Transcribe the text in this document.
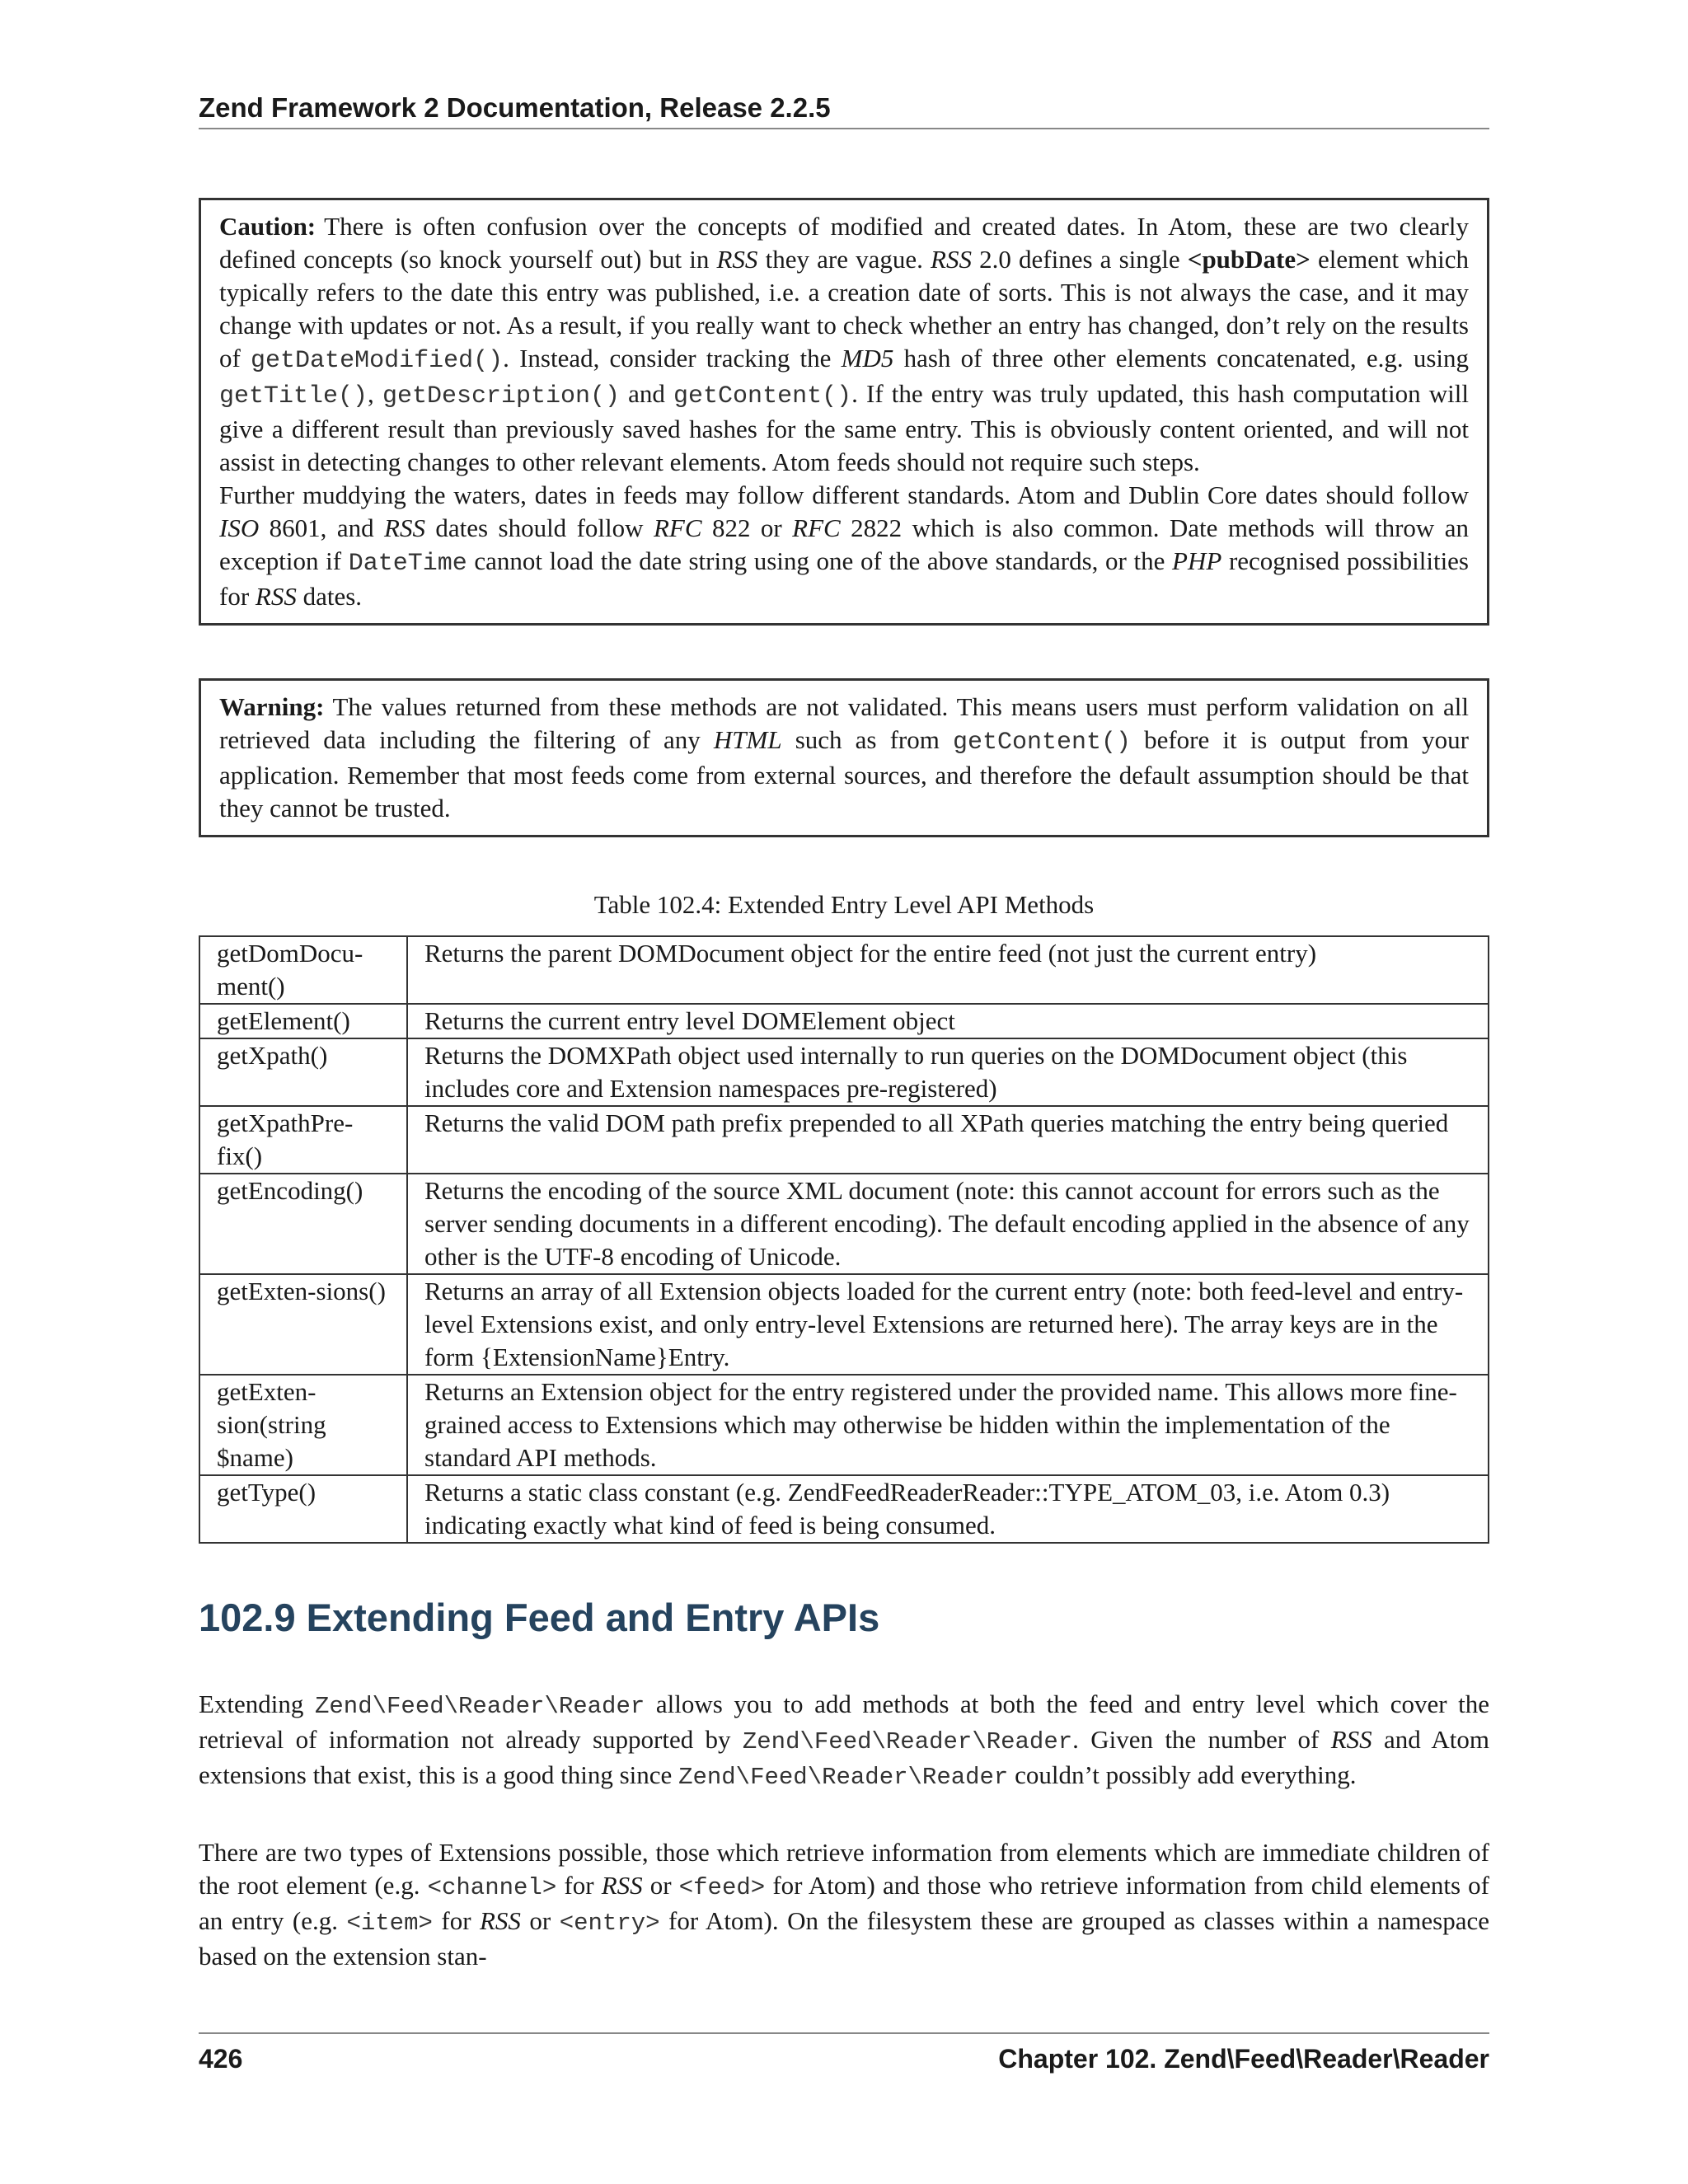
Zend Framework 2 Documentation, Release 2.2.5

Caution: There is often confusion over the concepts of modified and created dates. In Atom, these are two clearly defined concepts (so knock yourself out) but in RSS they are vague. RSS 2.0 defines a single <pubDate> element which typically refers to the date this entry was published, i.e. a creation date of sorts. This is not always the case, and it may change with updates or not. As a result, if you really want to check whether an entry has changed, don’t rely on the results of getDateModified(). Instead, consider tracking the MD5 hash of three other elements concatenated, e.g. using getTitle(), getDescription() and getContent(). If the entry was truly updated, this hash computation will give a different result than previously saved hashes for the same entry. This is obviously content oriented, and will not assist in detecting changes to other relevant elements. Atom feeds should not require such steps.

Further muddying the waters, dates in feeds may follow different standards. Atom and Dublin Core dates should follow ISO 8601, and RSS dates should follow RFC 822 or RFC 2822 which is also common. Date methods will throw an exception if DateTime cannot load the date string using one of the above standards, or the PHP recognised possibilities for RSS dates.

Warning: The values returned from these methods are not validated. This means users must perform validation on all retrieved data including the filtering of any HTML such as from getContent() before it is output from your application. Remember that most feeds come from external sources, and therefore the default assumption should be that they cannot be trusted.

Table 102.4: Extended Entry Level API Methods
getDomDocu-ment()	Returns the parent DOMDocument object for the entire feed (not just the current entry)
getElement()	Returns the current entry level DOMElement object
getXpath()	Returns the DOMXPath object used internally to run queries on the DOMDocument object (this includes core and Extension namespaces pre-registered)
getXpathPre-fix()	Returns the valid DOM path prefix prepended to all XPath queries matching the entry being queried
getEncoding()	Returns the encoding of the source XML document (note: this cannot account for errors such as the server sending documents in a different encoding). The default encoding applied in the absence of any other is the UTF-8 encoding of Unicode.
getExten-sions()	Returns an array of all Extension objects loaded for the current entry (note: both feed-level and entry-level Extensions exist, and only entry-level Extensions are returned here). The array keys are in the form {ExtensionName}Entry.
getExten-sion(string $name)	Returns an Extension object for the entry registered under the provided name. This allows more fine-grained access to Extensions which may otherwise be hidden within the implementation of the standard API methods.
getType()	Returns a static class constant (e.g. ZendFeedReaderReader::TYPE_ATOM_03, i.e. Atom 0.3) indicating exactly what kind of feed is being consumed.
102.9 Extending Feed and Entry APIs

Extending Zend\Feed\Reader\Reader allows you to add methods at both the feed and entry level which cover the retrieval of information not already supported by Zend\Feed\Reader\Reader. Given the number of RSS and Atom extensions that exist, this is a good thing since Zend\Feed\Reader\Reader couldn’t possibly add everything.

There are two types of Extensions possible, those which retrieve information from elements which are immediate children of the root element (e.g. <channel> for RSS or <feed> for Atom) and those who retrieve information from child elements of an entry (e.g. <item> for RSS or <entry> for Atom). On the filesystem these are grouped as classes within a namespace based on the extension stan-

426	Chapter 102. Zend\Feed\Reader\Reader
